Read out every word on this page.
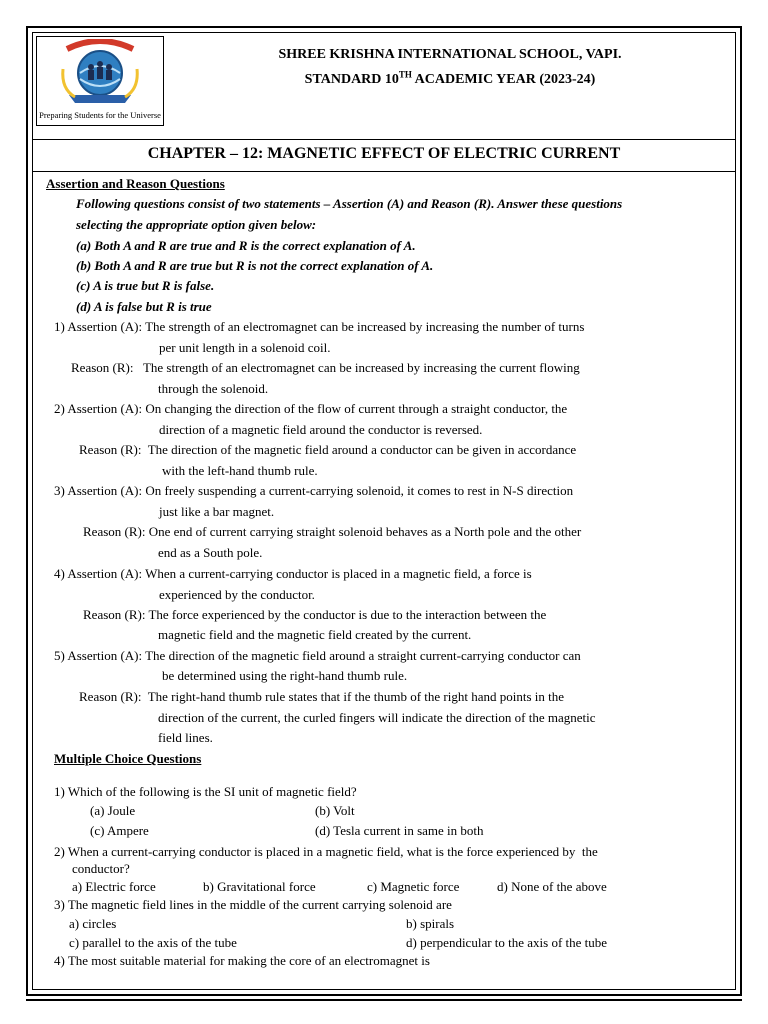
Preparing Students for the Universe
SHREE KRISHNA INTERNATIONAL SCHOOL, VAPI.
STANDARD 10TH ACADEMIC YEAR (2023-24)
CHAPTER – 12: MAGNETIC EFFECT OF ELECTRIC CURRENT
Assertion and Reason Questions
Following questions consist of two statements – Assertion (A) and Reason (R). Answer these questions
selecting the appropriate option given below:
(a) Both A and R are true and R is the correct explanation of A.
(b) Both A and R are true but R is not the correct explanation of A.
(c) A is true but R is false.
(d) A is false but R is true
1) Assertion (A): The strength of an electromagnet can be increased by increasing the number of turns
per unit length in a solenoid coil.
Reason (R):   The strength of an electromagnet can be increased by increasing the current flowing
through the solenoid.
2) Assertion (A): On changing the direction of the flow of current through a straight conductor, the
direction of a magnetic field around the conductor is reversed.
Reason (R):  The direction of the magnetic field around a conductor can be given in accordance
with the left-hand thumb rule.
3) Assertion (A): On freely suspending a current-carrying solenoid, it comes to rest in N-S direction
just like a bar magnet.
Reason (R): One end of current carrying straight solenoid behaves as a North pole and the other
end as a South pole.
4) Assertion (A): When a current-carrying conductor is placed in a magnetic field, a force is
experienced by the conductor.
Reason (R): The force experienced by the conductor is due to the interaction between the
magnetic field and the magnetic field created by the current.
5) Assertion (A): The direction of the magnetic field around a straight current-carrying conductor can
be determined using the right-hand thumb rule.
Reason (R):  The right-hand thumb rule states that if the thumb of the right hand points in the
direction of the current, the curled fingers will indicate the direction of the magnetic
field lines.
Multiple Choice Questions
1) Which of the following is the SI unit of magnetic field?
(a) Joule	(b) Volt
(c) Ampere	(d) Tesla current in same in both
2) When a current-carrying conductor is placed in a magnetic field, what is the force experienced by  the
conductor?
a) Electric force	b) Gravitational force	c) Magnetic force	d) None of the above
3) The magnetic field lines in the middle of the current carrying solenoid are
a) circles	b) spirals
c) parallel to the axis of the tube	d) perpendicular to the axis of the tube
4) The most suitable material for making the core of an electromagnet is
